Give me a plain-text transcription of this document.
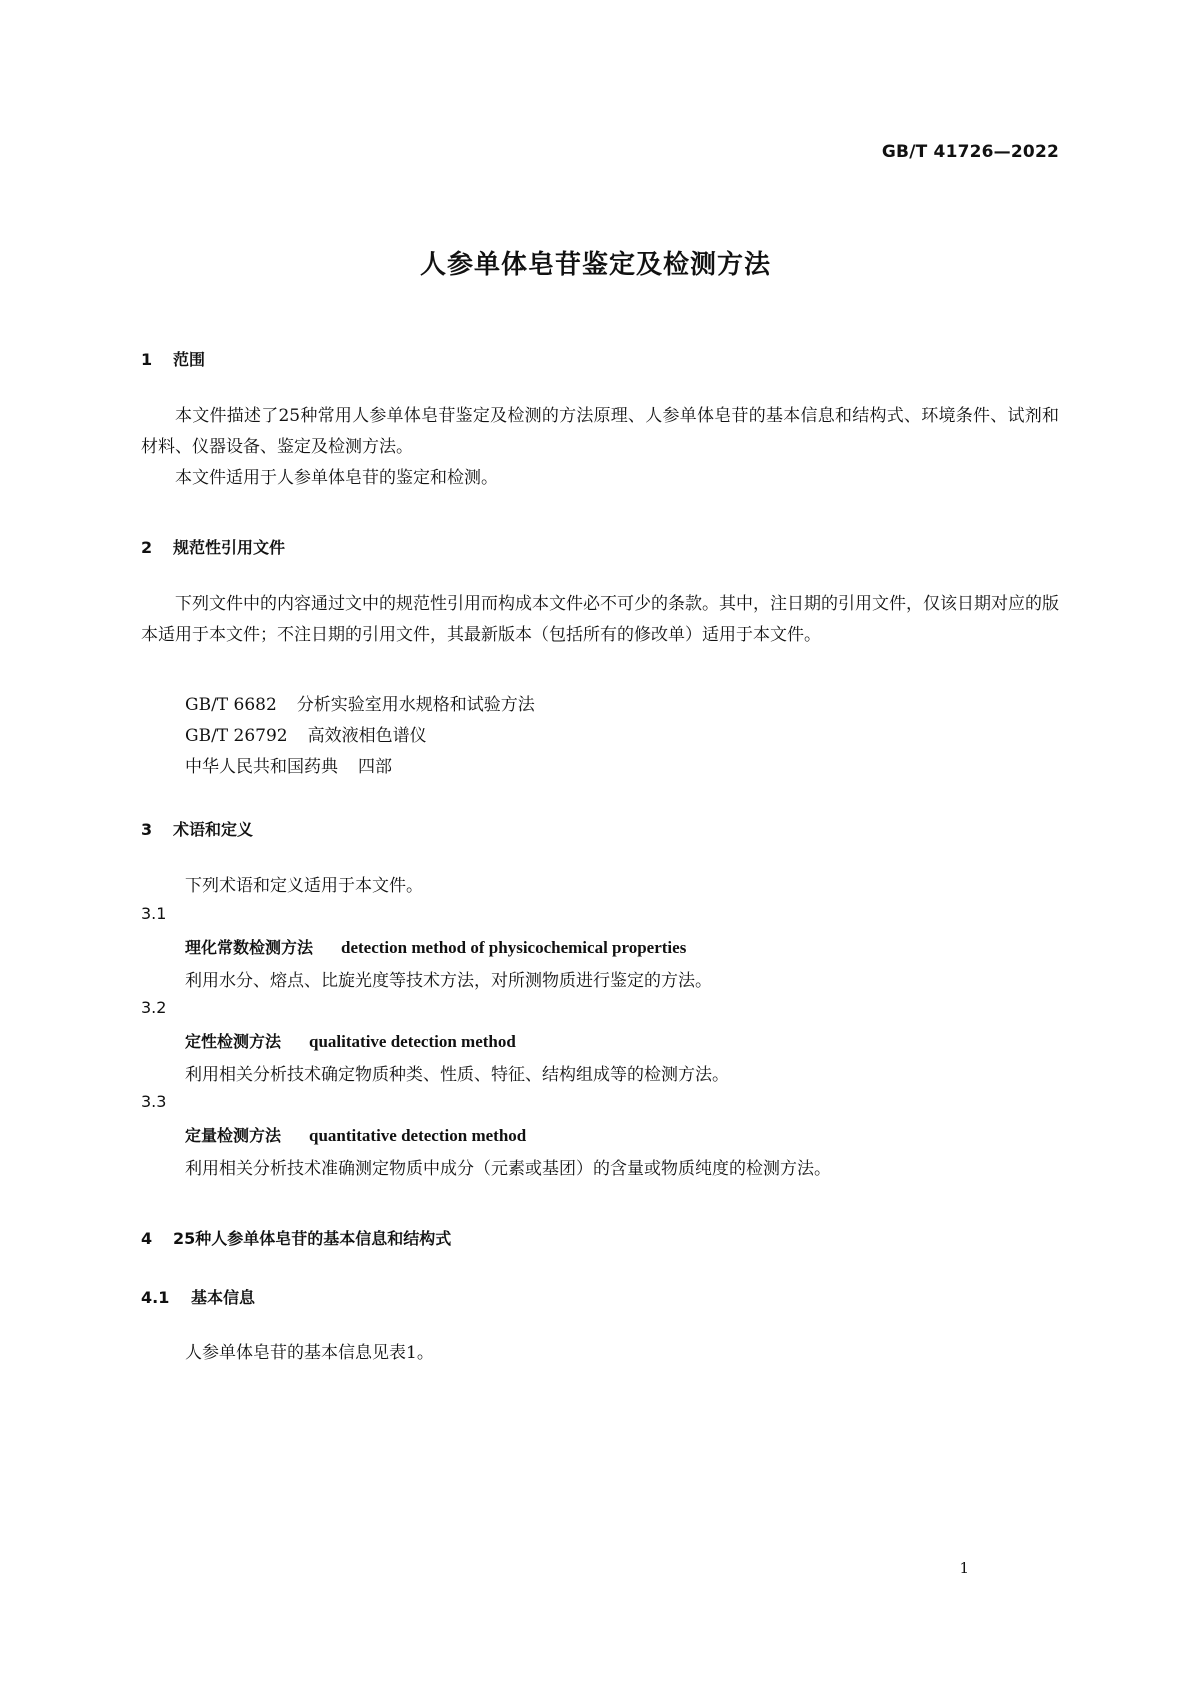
GB/T 41726—2022
人参单体皂苷鉴定及检测方法
1 范围
本文件描述了25种常用人参单体皂苷鉴定及检测的方法原理、人参单体皂苷的基本信息和结构式、环境条件、试剂和材料、仪器设备、鉴定及检测方法。
本文件适用于人参单体皂苷的鉴定和检测。
2 规范性引用文件
下列文件中的内容通过文中的规范性引用而构成本文件必不可少的条款。其中，注日期的引用文件，仅该日期对应的版本适用于本文件；不注日期的引用文件，其最新版本（包括所有的修改单）适用于本文件。
GB/T 6682 分析实验室用水规格和试验方法
GB/T 26792 高效液相色谱仪
中华人民共和国药典 四部
3 术语和定义
下列术语和定义适用于本文件。
3.1
理化常数检测方法 detection method of physicochemical properties
利用水分、熔点、比旋光度等技术方法，对所测物质进行鉴定的方法。
3.2
定性检测方法 qualitative detection method
利用相关分析技术确定物质种类、性质、特征、结构组成等的检测方法。
3.3
定量检测方法 quantitative detection method
利用相关分析技术准确测定物质中成分（元素或基团）的含量或物质纯度的检测方法。
4 25种人参单体皂苷的基本信息和结构式
4.1 基本信息
人参单体皂苷的基本信息见表1。
1
